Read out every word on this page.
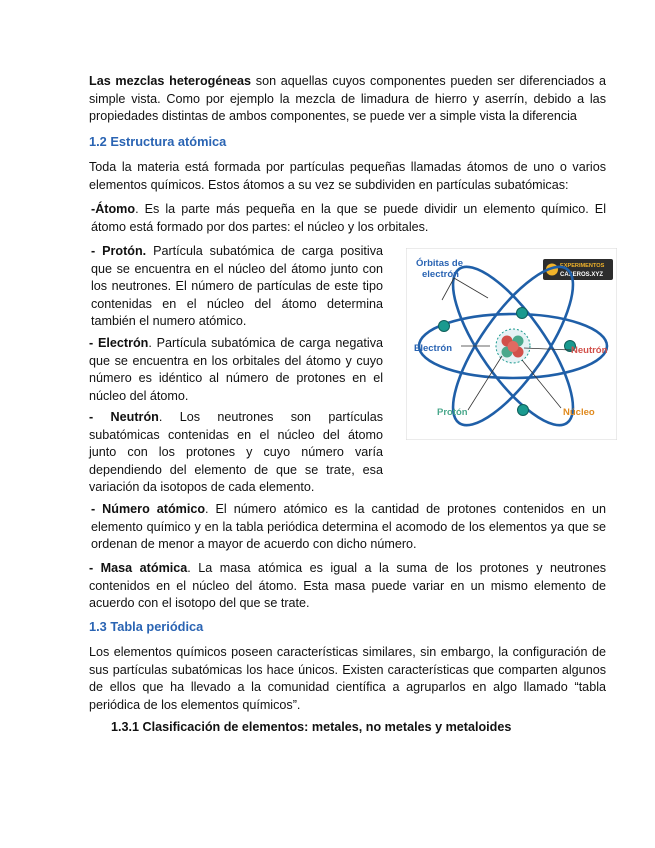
Las mezclas heterogéneas son aquellas cuyos componentes pueden ser diferenciados a simple vista. Como por ejemplo la mezcla de limadura de hierro y aserrín, debido a las propiedades distintas de ambos componentes, se puede ver a simple vista la diferencia

1.2 Estructura atómica

Toda la materia está formada por partículas pequeñas llamadas átomos de uno o varios elementos químicos. Estos átomos a su vez se subdividen en partículas subatómicas:

-Átomo. Es la parte más pequeña en la que se puede dividir un elemento químico. El átomo está formado por dos partes: el núcleo y los orbitales.

- Protón. Partícula subatómica de carga positiva que se encuentra en el núcleo del átomo junto con los neutrones. El número de partículas de este tipo contenidas en el núcleo del átomo determina también el numero atómico.

- Electrón. Partícula subatómica de carga negativa que se encuentra en los orbitales del átomo y cuyo número es idéntico al número de protones en el núcleo del átomo.

- Neutrón. Los neutrones son partículas subatómicas contenidas en el núcleo del átomo junto con los protones y cuyo número varía dependiendo del elemento de que se trate, esa variación da isotopos de cada elemento.

- Número atómico. El número atómico es la cantidad de protones contenidos en un elemento químico y en la tabla periódica determina el acomodo de los elementos ya que se ordenan de menor a mayor de acuerdo con dicho número.

- Masa atómica. La masa atómica es igual a la suma de los protones y neutrones contenidos en el núcleo del átomo. Esta masa puede variar en un mismo elemento de acuerdo con el isotopo del que se trate.

1.3 Tabla periódica

Los elementos químicos poseen características similares, sin embargo, la configuración de sus partículas subatómicas los hace únicos. Existen características que comparten algunos de ellos que ha llevado a la comunidad científica a agruparlos en algo llamado “tabla periódica de los elementos químicos”.

1.3.1 Clasificación de elementos: metales, no metales y metaloides

EXPERIMENTOS
CASEROS.XYZ
Órbitas de
electrón
Electrón	Neutrón
Protón	Núcleo
